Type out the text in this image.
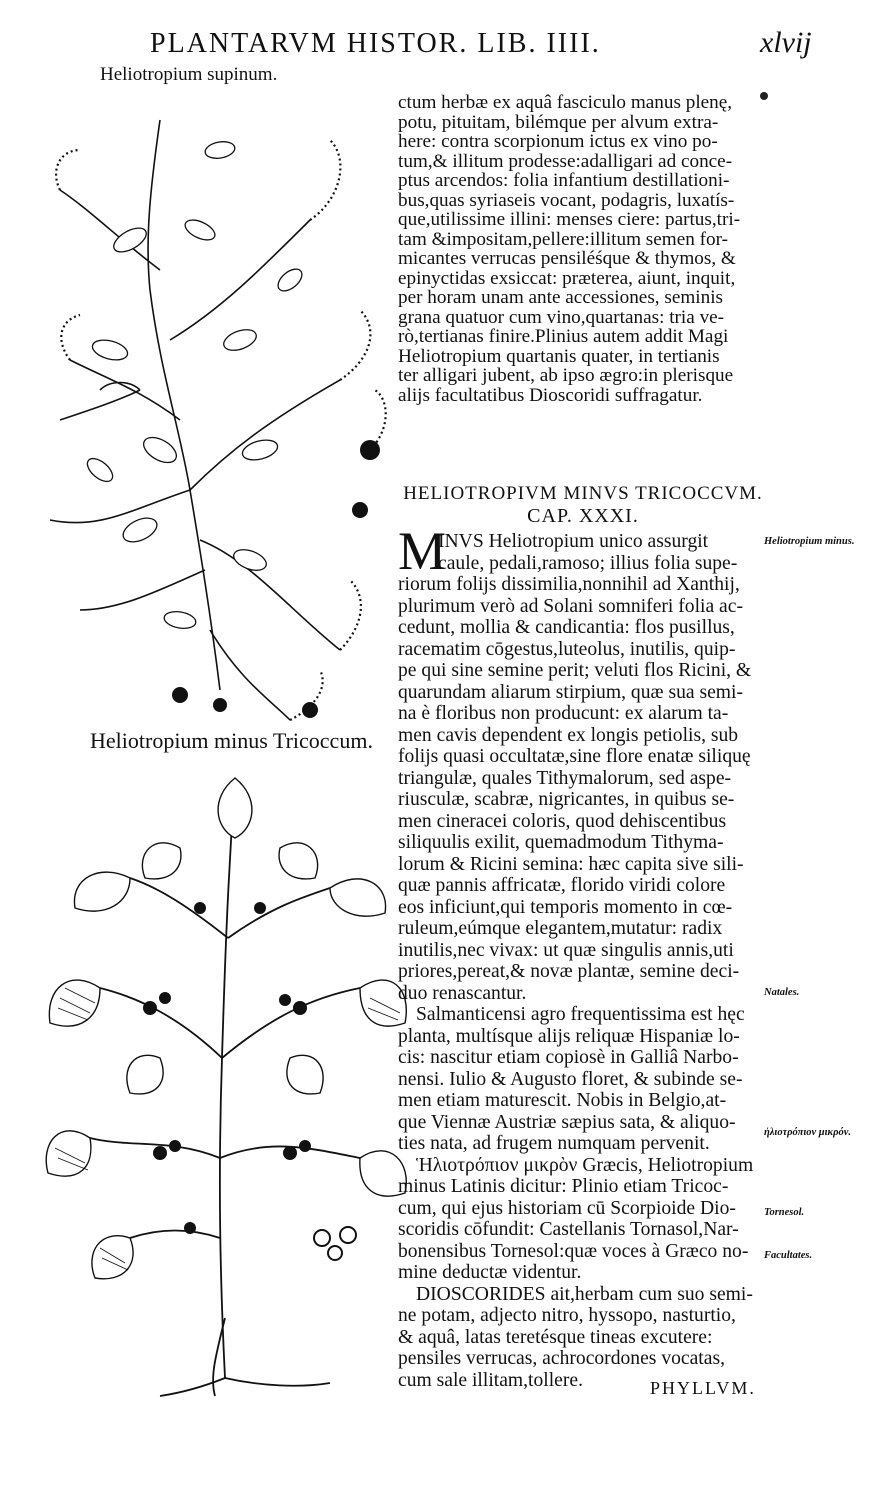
PLANTARVM HISTOR. LIB. IIII.	xlvij
Heliotropium supinum.
Heliotropium minus Tricoccum.
ctum herbæ ex aquâ fasciculo manus plenę,
potu, pituitam, bilémque per alvum extra-
here: contra scorpionum ictus ex vino po-
tum,& illitum prodesse:adalligari ad conce-
ptus arcendos: folia infantium destillationi-
bus,quas syriaseis vocant, podagris, luxatís-
que,utilissime illini: menses ciere: partus,tri-
tam &impositam,pellere:illitum semen for-
micantes verrucas pensiléśque & thymos, &
epinyctidas exsiccat: præterea, aiunt, inquit,
per horam unam ante accessiones, seminis
grana quatuor cum vino,quartanas: tria ve-
rò,tertianas finire.Plinius autem addit Magi
Heliotropium quartanis quater, in tertianis
ter alligari jubent, ab ipso ægro:in plerisque
alijs facultatibus Dioscoridi suffragatur.
HELIOTROPIVM MINVS TRICOCCVM.
CAP. XXXI.
M
INVS Heliotropium unico assurgit
caule, pedali,ramoso; illius folia supe-
riorum folijs dissimilia,nonnihil ad Xanthij,
plurimum verò ad Solani somniferi folia ac-
cedunt, mollia & candicantia: flos pusillus,
racematim cōgestus,luteolus, inutilis, quip-
pe qui sine semine perit; veluti flos Ricini, &
quarundam aliarum stirpium, quæ sua semi-
na è floribus non producunt: ex alarum ta-
men cavis dependent ex longis petiolis, sub
folijs quasi occultatæ,sine flore enatæ siliquę
triangulæ, quales Tithymalorum, sed aspe-
riusculæ, scabræ, nigricantes, in quibus se-
men cineracei coloris, quod dehiscentibus
siliquulis exilit, quemadmodum Tithyma-
lorum & Ricini semina: hæc capita sive sili-
quæ pannis affricatæ, florido viridi colore
eos inficiunt,qui temporis momento in cœ-
ruleum,eúmque elegantem,mutatur: radix
inutilis,nec vivax: ut quæ singulis annis,uti
priores,pereat,& novæ plantæ, semine deci-
duo renascantur.
Salmanticensi agro frequentissima est hęc
planta, multísque alijs reliquæ Hispaniæ lo-
cis: nascitur etiam copiosè in Galliâ Narbo-
nensi. Iulio & Augusto floret, & subinde se-
men etiam maturescit. Nobis in Belgio,at-
que Viennæ Austriæ sæpius sata, & aliquo-
ties nata, ad frugem numquam pervenit.
Ἡλιοτρόπιον μικρὸν Græcis, Heliotropium
minus Latinis dicitur: Plinio etiam Tricoc-
cum, qui ejus historiam cū Scorpioide Dio-
scoridis cōfundit: Castellanis Tornasol,Nar-
bonensibus Tornesol:quæ voces à Græco no-
mine deductæ videntur.
DIOSCORIDES ait,herbam cum suo semi-
ne potam, adjecto nitro, hyssopo, nasturtio,
& aquâ, latas teretésque tineas excutere:
pensiles verrucas, achrocordones vocatas,
cum sale illitam,tollere.
Heliotropium minus.
Natales.
ἡλιοτρόπιον μικρόν.
Tornesol.
Facultates.
PHYLLVM.
